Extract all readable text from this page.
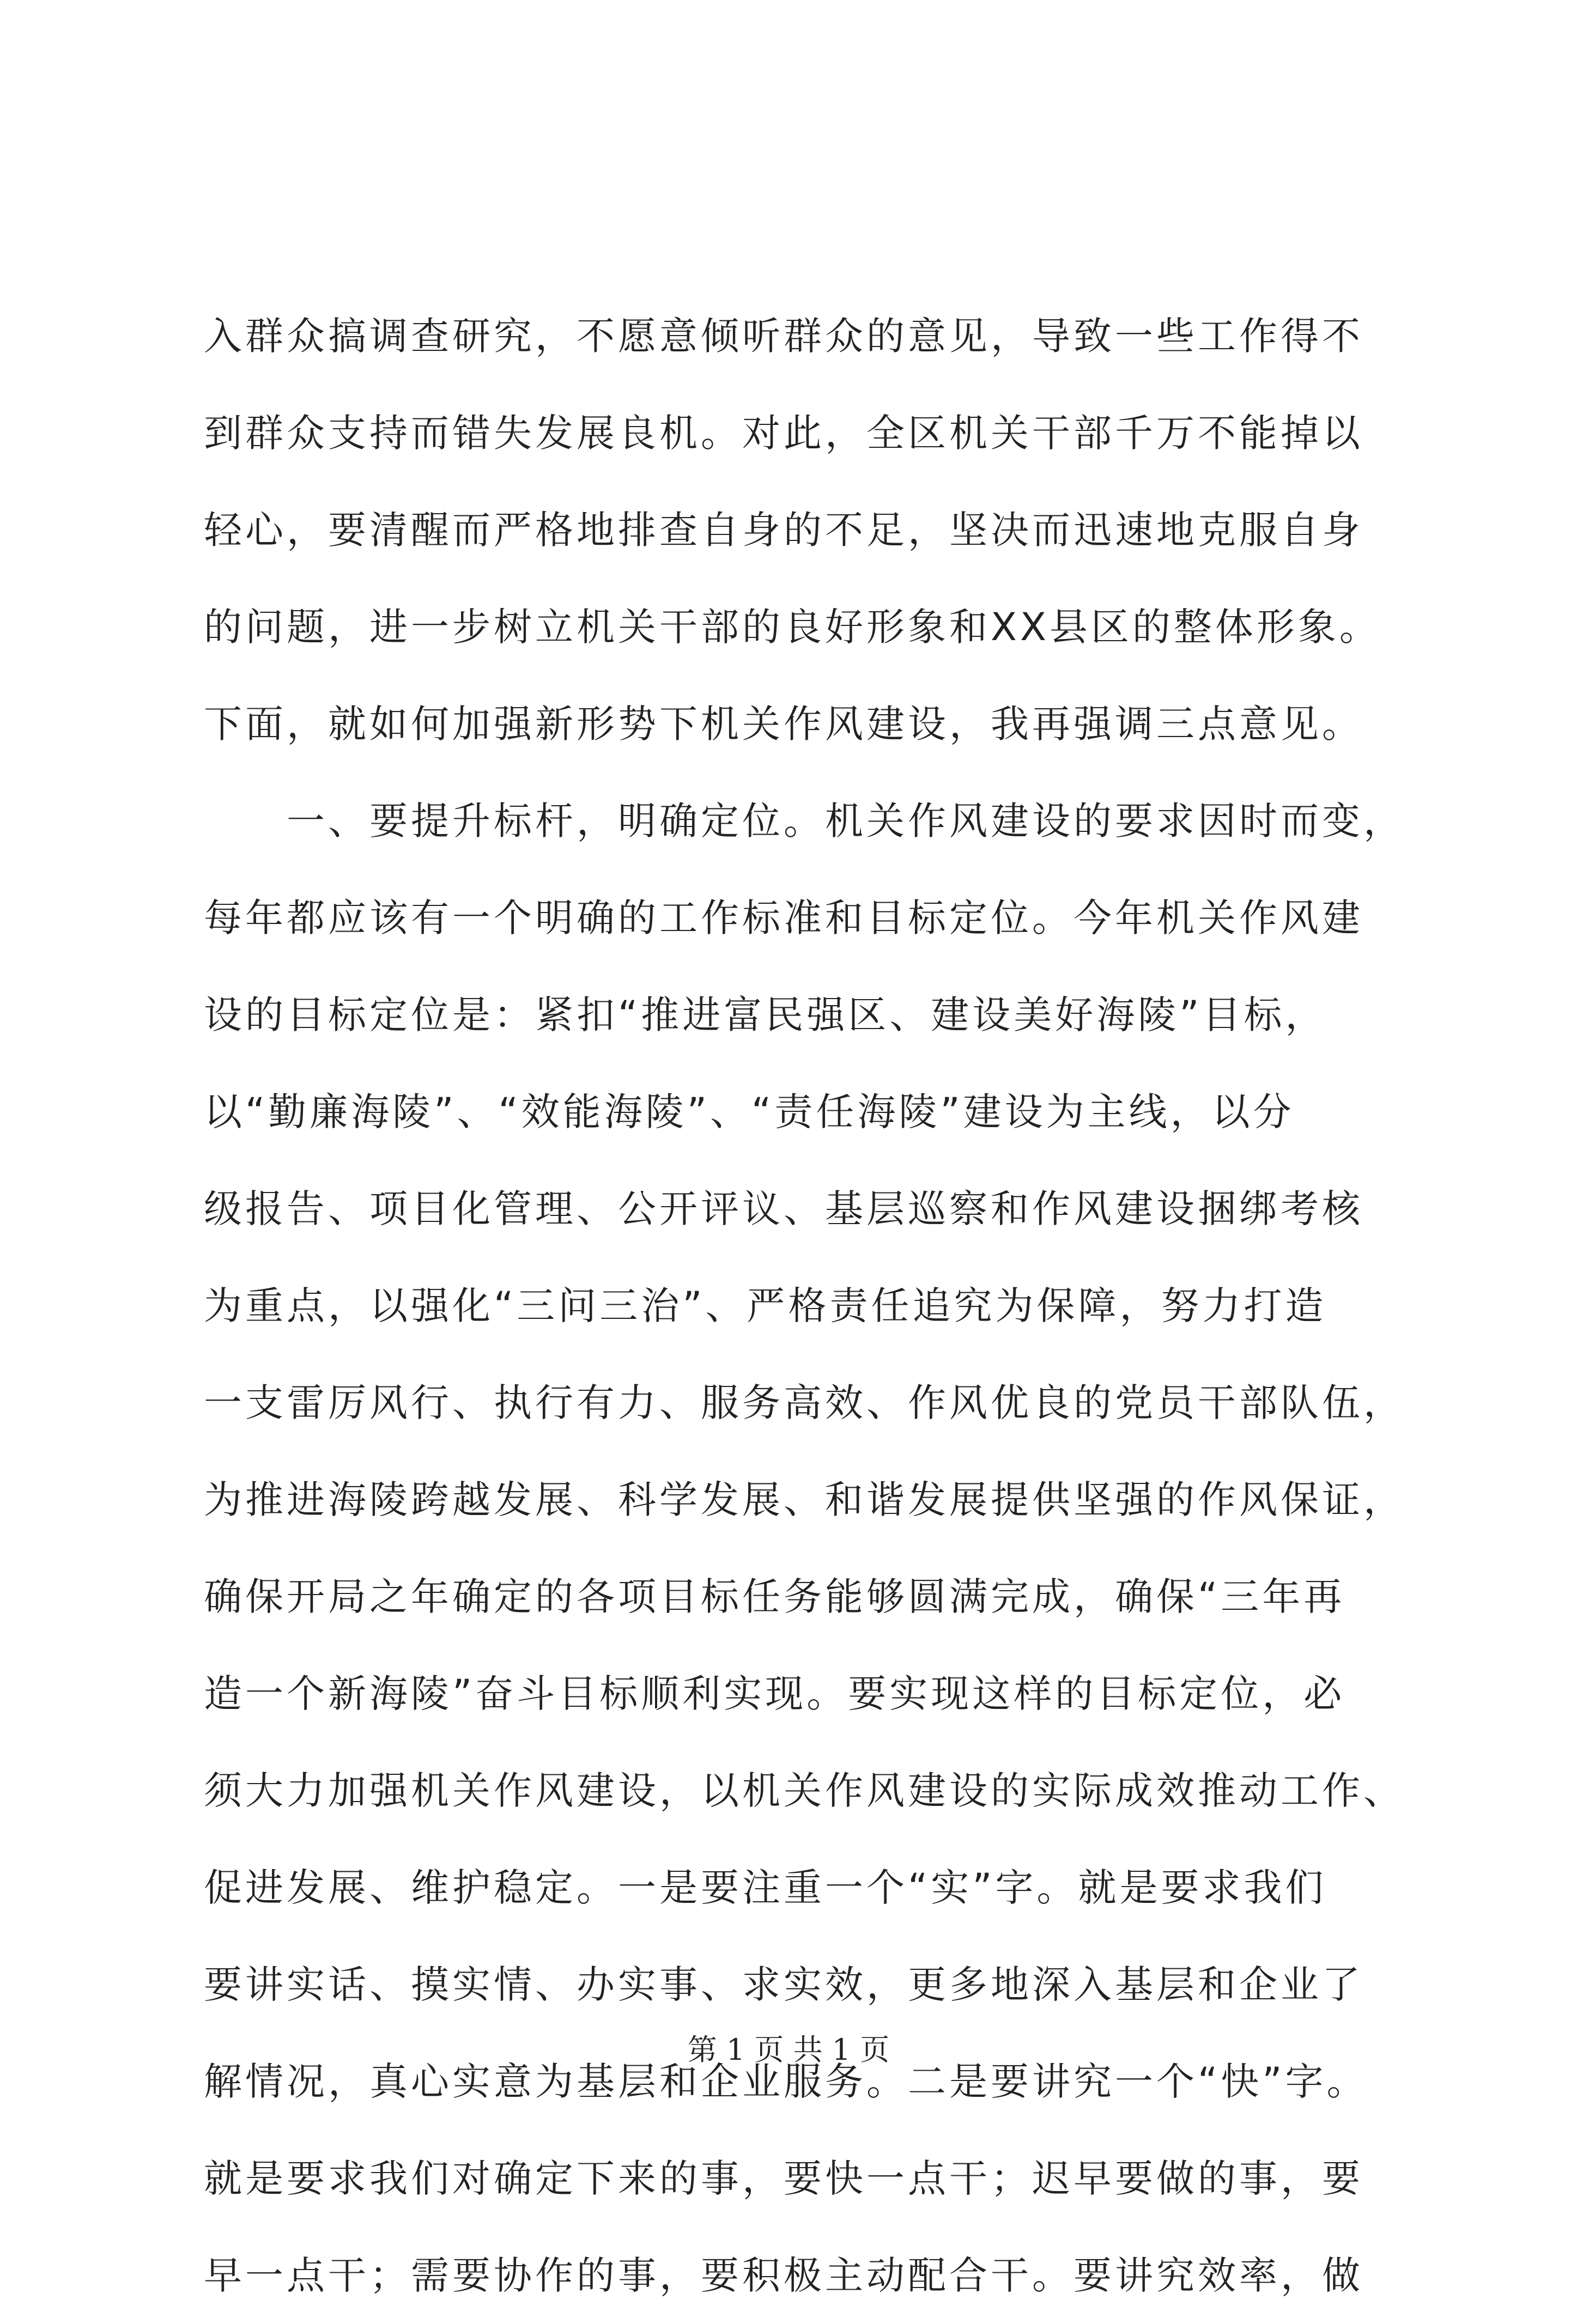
入群众搞调查研究，不愿意倾听群众的意见，导致一些工作得不
到群众支持而错失发展良机。对此，全区机关干部千万不能掉以
轻心，要清醒而严格地排查自身的不足，坚决而迅速地克服自身
的问题，进一步树立机关干部的良好形象和XX县区的整体形象。
下面，就如何加强新形势下机关作风建设，我再强调三点意见。
一、要提升标杆，明确定位。机关作风建设的要求因时而变，
每年都应该有一个明确的工作标准和目标定位。今年机关作风建
设的目标定位是：紧扣“推进富民强区、建设美好海陵”目标，
以“勤廉海陵”、“效能海陵”、“责任海陵”建设为主线，以分
级报告、项目化管理、公开评议、基层巡察和作风建设捆绑考核
为重点，以强化“三问三治”、严格责任追究为保障，努力打造
一支雷厉风行、执行有力、服务高效、作风优良的党员干部队伍，
为推进海陵跨越发展、科学发展、和谐发展提供坚强的作风保证，
确保开局之年确定的各项目标任务能够圆满完成，确保“三年再
造一个新海陵”奋斗目标顺利实现。要实现这样的目标定位，必
须大力加强机关作风建设，以机关作风建设的实际成效推动工作、
促进发展、维护稳定。一是要注重一个“实”字。就是要求我们
要讲实话、摸实情、办实事、求实效，更多地深入基层和企业了
解情况，真心实意为基层和企业服务。二是要讲究一个“快”字。
就是要求我们对确定下来的事，要快一点干；迟早要做的事，要
早一点干；需要协作的事，要积极主动配合干。要讲究效率，做
第 1 页 共 1 页
